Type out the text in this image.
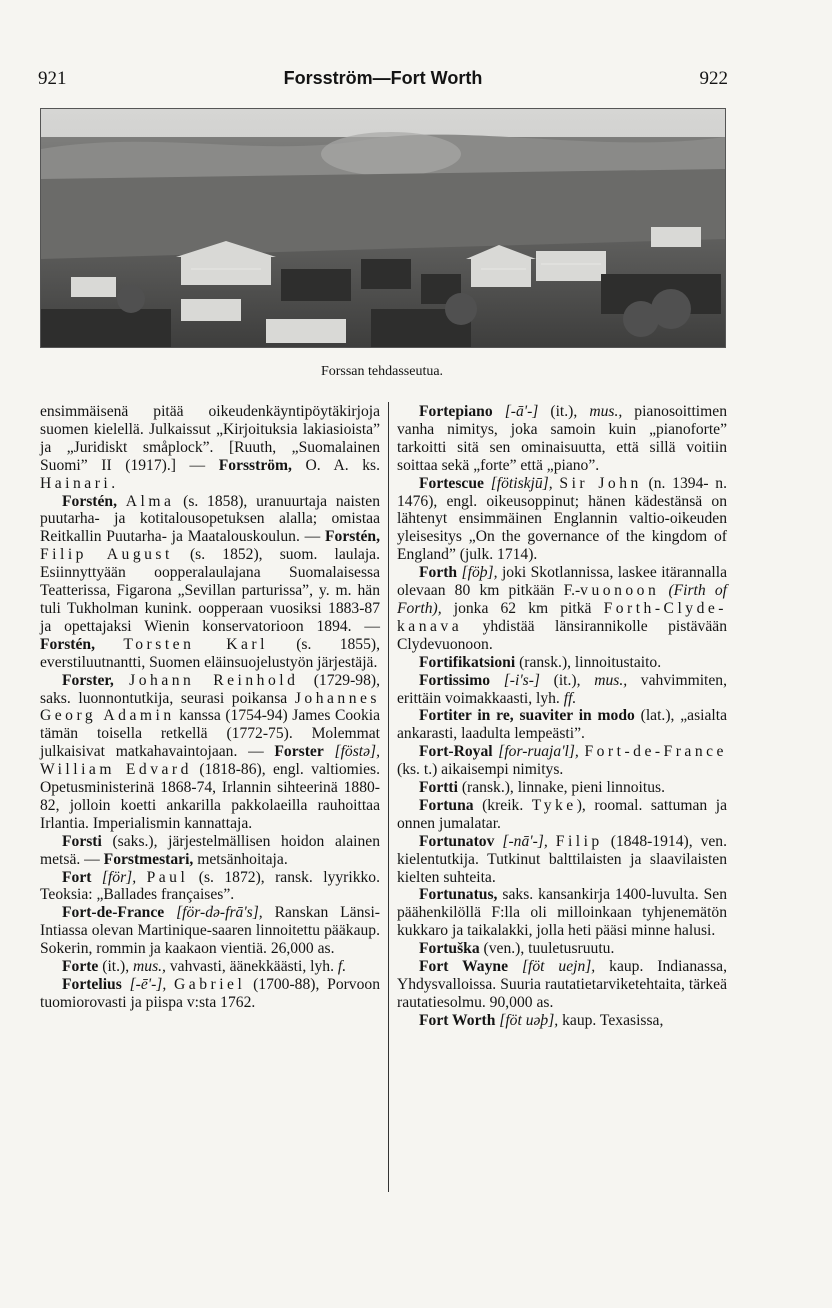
921	Forsström—Fort Worth	922
Forssan tehdasseutua.

ensimmäisenä pitää oikeudenkäyntipöytäkirjoja suomen kielellä. Julkaissut „Kirjoituksia lakiasioista” ja „Juridiskt småplock”. [Ruuth, „Suomalainen Suomi” II (1917).] — Forsström, O. A. ks. Hainari.

Forstén, Alma (s. 1858), uranuurtaja naisten puutarha- ja kotitalousopetuksen alalla; omistaa Reitkallin Puutarha- ja Maatalouskoulun. — Forstén, Filip August (s. 1852), suom. laulaja. Esiinnyttyään oopperalaulajana Suomalaisessa Teatterissa, Figarona „Sevillan parturissa”, y. m. hän tuli Tukholman kunink. oopperaan vuosiksi 1883-87 ja opettajaksi Wienin konservatorioon 1894. — Forstén, Torsten Karl (s. 1855), everstiluutnantti, Suomen eläinsuojelustyön järjestäjä.

Forster, Johann Reinhold (1729-98), saks. luonnontutkija, seurasi poikansa Johannes Georg Adamin kanssa (1754-94) James Cookia tämän toisella retkellä (1772-75). Molemmat julkaisivat matkahavaintojaan. — Forster [föstə], William Edvard (1818-86), engl. valtiomies. Opetusministerinä 1868-74, Irlannin sihteerinä 1880-82, jolloin koetti ankarilla pakkolaeilla rauhoittaa Irlantia. Imperialismin kannattaja.

Forsti (saks.), järjestelmällisen hoidon alainen metsä. — Forstmestari, metsänhoitaja.

Fort [för], Paul (s. 1872), ransk. lyyrikko. Teoksia: „Ballades françaises”.

Fort-de-France [för-də-frā's], Ranskan Länsi-Intiassa olevan Martinique-saaren linnoitettu pääkaup. Sokerin, rommin ja kaakaon vientiä. 26,000 as.

Forte (it.), mus., vahvasti, äänekkäästi, lyh. f.

Fortelius [-ē'-], Gabriel (1700-88), Porvoon tuomiorovasti ja piispa v:sta 1762.

Fortepiano [-ā'-] (it.), mus., pianosoittimen vanha nimitys, joka samoin kuin „pianoforte” tarkoitti sitä sen ominaisuutta, että sillä voitiin soittaa sekä „forte” että „piano”.

Fortescue [fötiskjū], Sir John (n. 1394- n. 1476), engl. oikeusoppinut; hänen kädestänsä on lähtenyt ensimmäinen Englannin valtio-oikeuden yleisesitys „On the governance of the kingdom of England” (julk. 1714).

Forth [föþ], joki Skotlannissa, laskee itärannalla olevaan 80 km pitkään F.-vuonoon (Firth of Forth), jonka 62 km pitkä Forth-Clyde-kanava yhdistää länsirannikolle pistävään Clydevuonoon.

Fortifikatsioni (ransk.), linnoitustaito.

Fortissimo [-i's-] (it.), mus., vahvimmiten, erittäin voimakkaasti, lyh. ff.

Fortiter in re, suaviter in modo (lat.), „asialta ankarasti, laadulta lempeästi”.

Fort-Royal [for-ruaja'l], Fort-de-France (ks. t.) aikaisempi nimitys.

Fortti (ransk.), linnake, pieni linnoitus.

Fortuna (kreik. Tyke), roomal. sattuman ja onnen jumalatar.

Fortunatov [-nā'-], Filip (1848-1914), ven. kielentutkija. Tutkinut balttilaisten ja slaavilaisten kielten suhteita.

Fortunatus, saks. kansankirja 1400-luvulta. Sen päähenkilöllä F:lla oli milloinkaan tyhjenemätön kukkaro ja taikalakki, jolla heti pääsi minne halusi.

Fortuška (ven.), tuuletusruutu.

Fort Wayne [föt uejn], kaup. Indianassa, Yhdysvalloissa. Suuria rautatietarviketehtaita, tärkeä rautatiesolmu. 90,000 as.

Fort Worth [föt uəþ], kaup. Texasissa,
